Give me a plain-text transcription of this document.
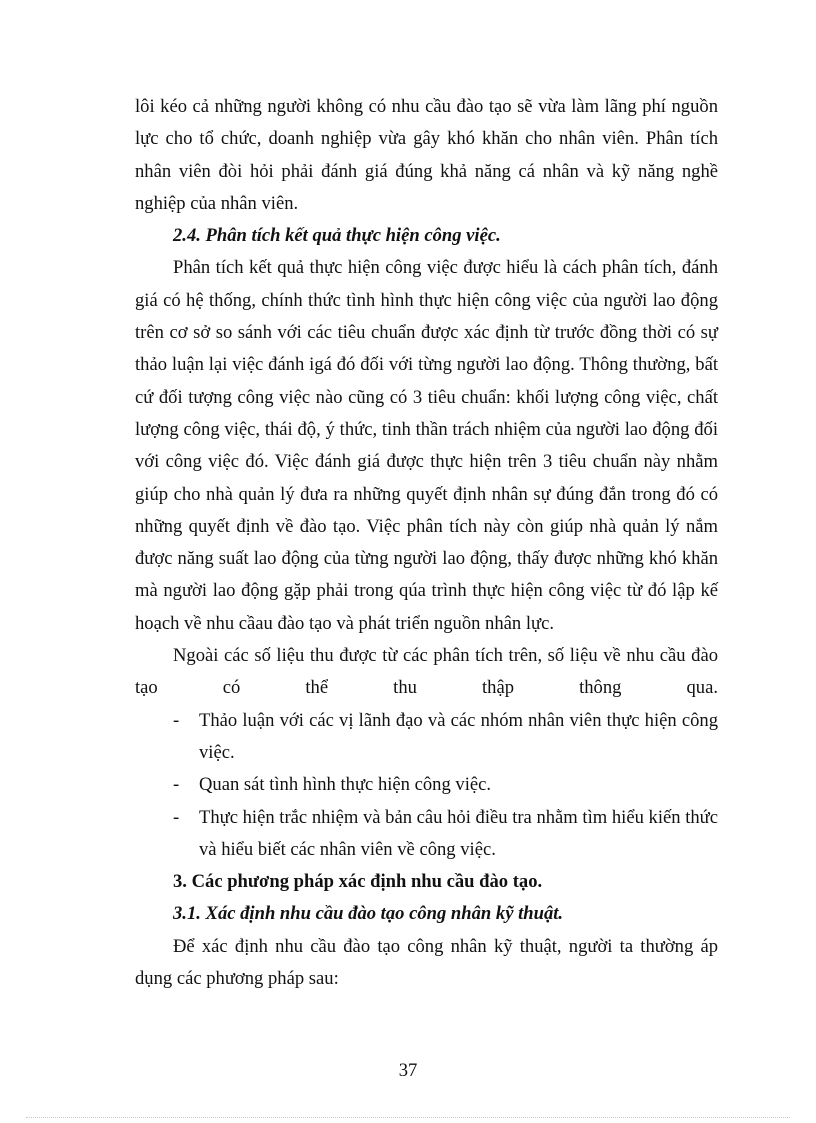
lôi kéo cả những người không có nhu cầu đào tạo sẽ vừa làm lãng phí nguồn lực cho tổ chức, doanh nghiệp vừa gây khó khăn cho nhân viên. Phân tích nhân viên đòi hỏi phải đánh giá đúng khả năng cá nhân và kỹ năng nghề nghiệp của nhân viên.

2.4. Phân tích kết quả thực hiện công việc.

Phân tích kết quả thực hiện công việc được hiểu là cách phân tích, đánh giá có hệ thống, chính thức tình hình thực hiện công việc của người lao động trên cơ sở so sánh với các tiêu chuẩn được xác định từ trước đồng thời có sự thảo luận lại việc đánh igá đó đối với từng người lao động. Thông thường, bất cứ đối tượng công việc nào cũng có 3 tiêu chuẩn: khối lượng công việc, chất lượng công việc, thái độ, ý thức, tinh thần trách nhiệm của người lao động đối với công việc đó. Việc đánh giá được thực hiện trên 3 tiêu chuẩn này nhằm giúp cho nhà quản lý đưa ra những quyết định nhân sự đúng đắn trong đó có những quyết định về đào tạo. Việc phân tích này còn giúp nhà quản lý nắm được năng suất lao động của từng người lao động, thấy được những khó khăn mà người lao động gặp phải trong qúa trình thực hiện công việc từ đó lập kế hoạch về nhu cầau đào tạo và phát triển nguồn nhân lực.

Ngoài các số liệu thu được từ các phân tích trên, số liệu về nhu cầu đào tạo có thể thu thập thông qua.

-	Thảo luận với các vị lãnh đạo và các nhóm nhân viên thực hiện công việc.
-	Quan sát tình hình thực hiện công việc.
-	Thực hiện trắc nhiệm và bản câu hỏi điều tra nhằm tìm hiểu kiến thức và hiểu biết các nhân viên về công việc.

3. Các phương pháp xác định nhu cầu đào tạo.

3.1. Xác định nhu cầu đào tạo công nhân kỹ thuật.

Để xác định nhu cầu đào tạo công nhân kỹ thuật, người ta thường áp dụng các phương pháp sau:

37
